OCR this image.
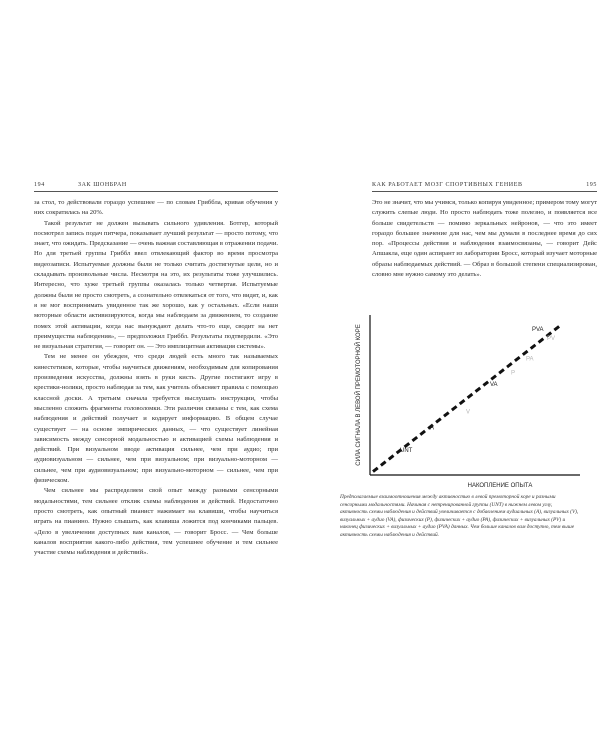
194	ЗАК ШОНБРАН

за стол, то действовали гораздо успешнее — по словам Гриббла, кривая обучения у них сократилась на 20%.

Такой результат не должен вызывать сильного удивления. Ботгер, который посмотрел запись подач питчера, показывает лучший результат — просто потому, что знает, что ожидать. Предсказание — очень важная составляющая в отражении подачи. Но для третьей группы Гриббл ввел отвлекающий фактор во время просмотра видеозаписи. Испытуемые должны были не только считать достигнутые цели, но и складывать произвольные числа. Несмотря на это, их результаты тоже улучшились. Интересно, что хуже третьей группы оказалась только четвертая. Испытуемые должны были не просто смотреть, а сознательно отвлекаться от того, что видят, и, как я не мог воспринимать увиденное так же хорошо, как у остальных. «Если наши моторные области активизируются, когда мы наблюдаем за движением, то создание помех этой активации, когда нас вынуждают делать что-то еще, сводит на нет преимущества наблюдения», — предположил Гриббл. Результаты подтвердили. «Это не визуальная стратегия, — говорит он. — Это имплицитная активация системы».

Тем не менее он убежден, что среди людей есть много так называемых кинестетиков, которые, чтобы научиться движениям, необходимым для копирования произведения искусства, должны взять в руки кисть. Другие постигают игру в крестики-нолики, просто наблюдая за тем, как учитель объясняет правила с помощью классной доски. А третьим сначала требуется выслушать инструкции, чтобы мысленно сложить фрагменты головоломки. Эти различия связаны с тем, как схема наблюдения и действий получает и кодирует информацию. В общем случае существует — на основе эмпирических данных, — что существует линейная зависимость между сенсорной модальностью и активацией схемы наблюдения и действий. При визуальном вводе активация сильнее, чем при аудио; при аудиовизуальном — сильнее, чем при визуальном; при визуально-моторном — сильнее, чем при аудиовизуальном; при визуально-моторном — сильнее, чем при физическом.

Чем сильнее мы распределяем свой опыт между разными сенсорными модальностями, тем сильнее отклик схемы наблюдения и действий. Недостаточно просто смотреть, как опытный пианист нажимает на клавиши, чтобы научиться играть на пианино. Нужно слышать, как клавиша ложится под кончиками пальцев. «Дело в увеличении доступных вам каналов, — говорит Бросс. — Чем больше каналов восприятия какого-либо действия, тем успешнее обучение и тем сильнее участие схемы наблюдения и действий».

КАК РАБОТАЕТ МОЗГ СПОРТИВНЫХ ГЕНИЕВ	195

Это не значит, что мы учимся, только копируя увиденное; примером тому могут служить слепые люди. Но просто наблюдать тоже полезно, и появляется все больше свидетельств — помимо зеркальных нейронов, — что это имеет гораздо большее значение для нас, чем мы думали в последнее время до сих пор. «Процессы действия и наблюдения взаимосвязаны, — говорит Дейс Апшакла, еще один аспирант из лаборатории Бросс, который изучает моторные образы наблюдаемых действий. — Образ в большой степени специализирован, словно мне нужно самому это делать».

НАКОПЛЕНИЕ ОПЫТА
СИЛА СИГНАЛА В ЛЕВОЙ ПРЕМОТОРНОЙ КОРЕ	UNT
A
V
VA
P
PA
PV
PVA
Предполагаемые взаимоотношения между активностью в левой премоторной коре и разными сенсорными модальностями. Начиная с нетренированной группы (UNT) в нижнем левом углу, активность схемы наблюдения и действий увеличивается с добавлением аудиальных (A), визуальных (V), визуальных + аудио (VA), физических (P), физических + аудио (PA), физических + визуальных (PV) и наконец физических + визуальных + аудио (PVA) данных. Чем больше каналов вам доступно, тем выше активность схемы наблюдения и действий.
